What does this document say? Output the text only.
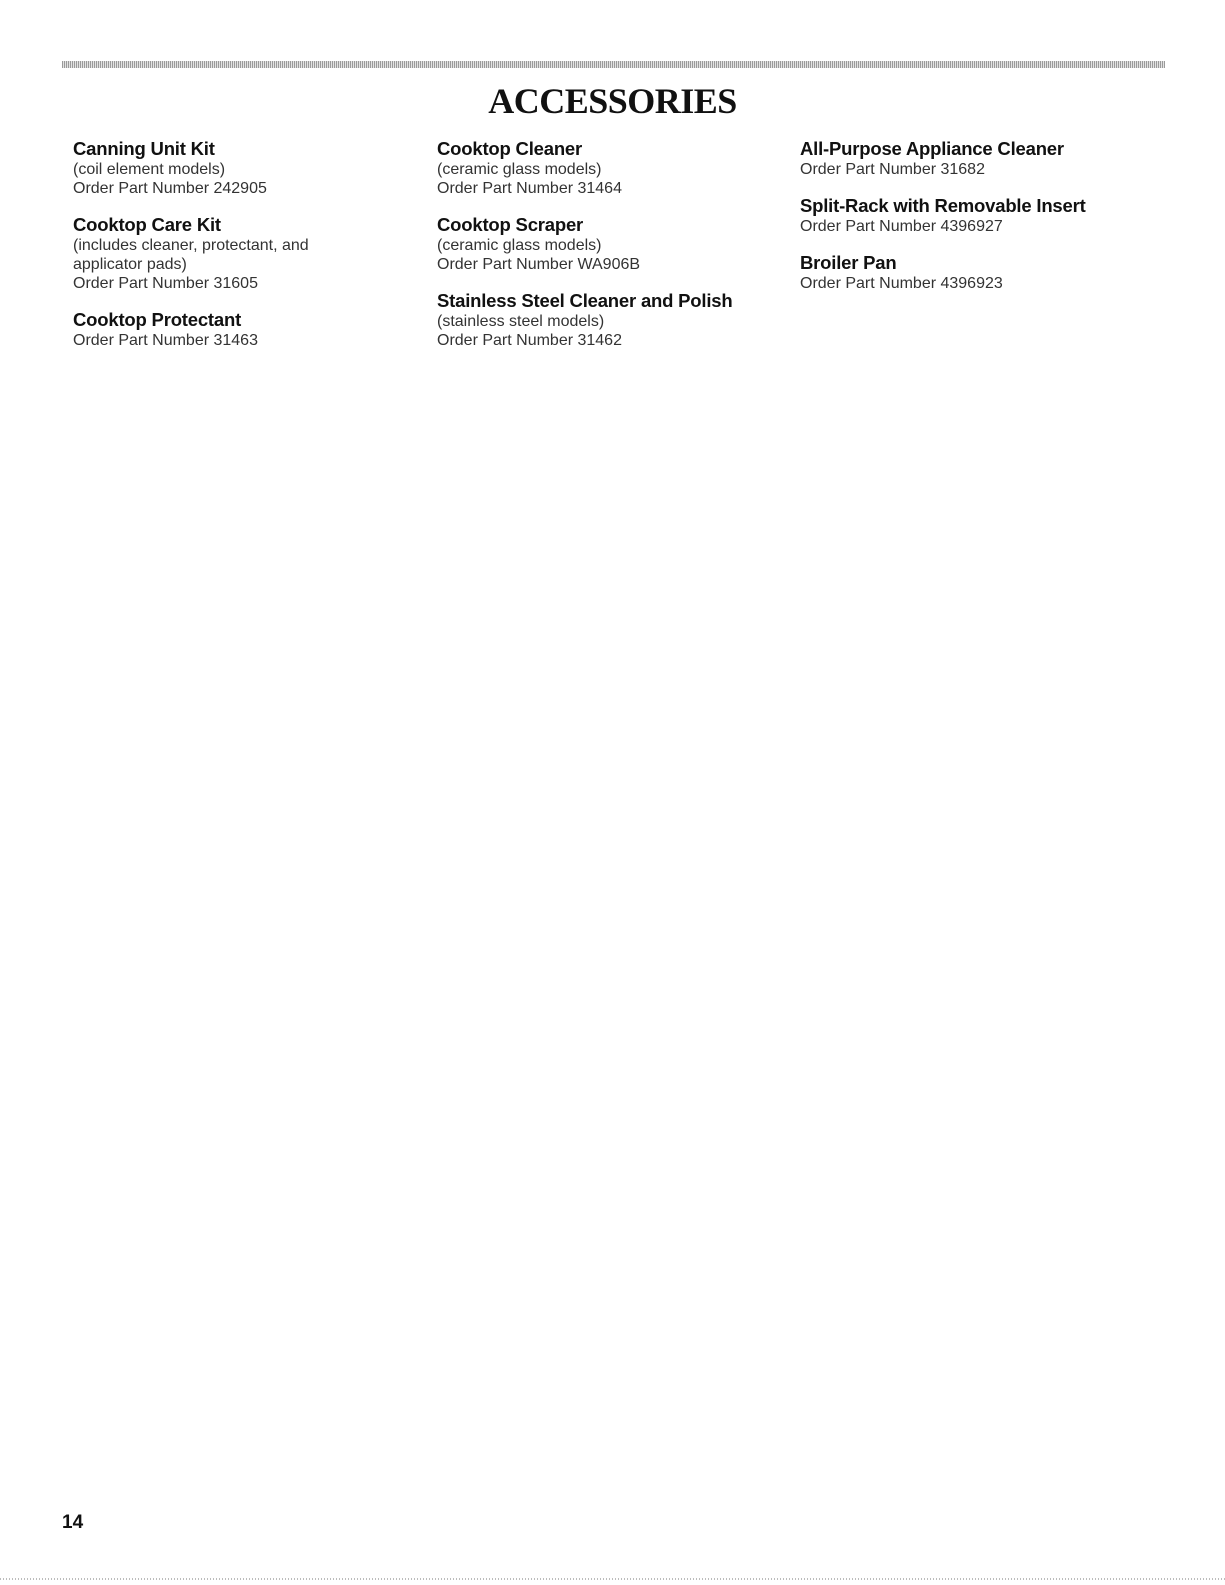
ACCESSORIES
Canning Unit Kit
(coil element models)
Order Part Number 242905
Cooktop Care Kit
(includes cleaner, protectant, and
applicator pads)
Order Part Number 31605
Cooktop Protectant
Order Part Number 31463
Cooktop Cleaner
(ceramic glass models)
Order Part Number 31464
Cooktop Scraper
(ceramic glass models)
Order Part Number WA906B
Stainless Steel Cleaner and Polish
(stainless steel models)
Order Part Number 31462
All-Purpose Appliance Cleaner
Order Part Number 31682
Split-Rack with Removable Insert
Order Part Number 4396927
Broiler Pan
Order Part Number 4396923
14
